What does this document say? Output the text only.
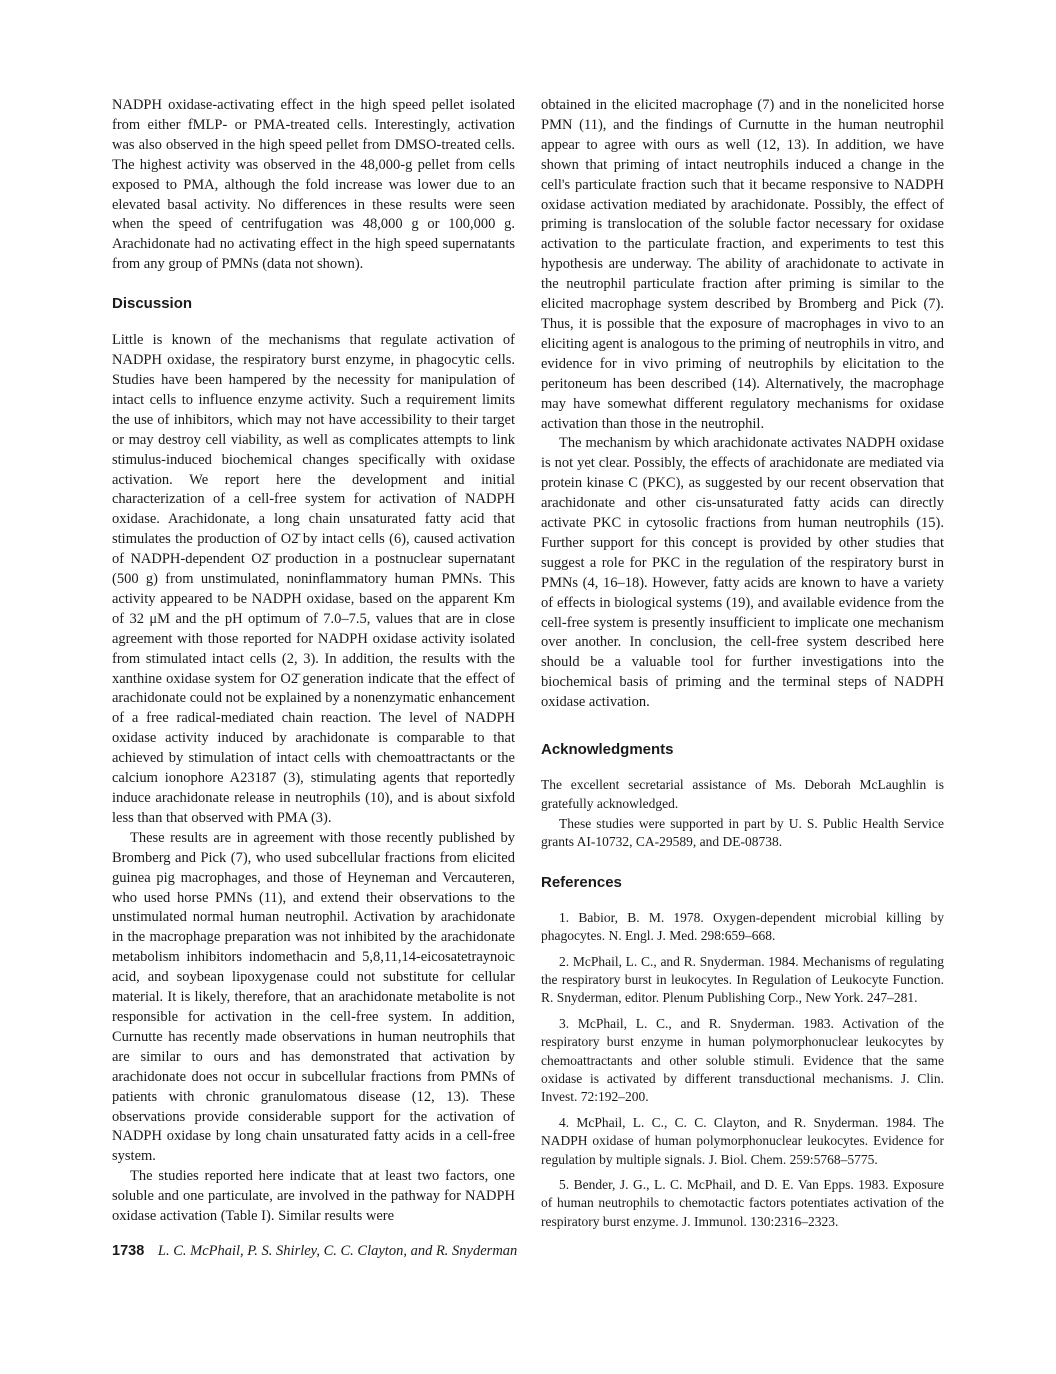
NADPH oxidase-activating effect in the high speed pellet isolated from either fMLP- or PMA-treated cells. Interestingly, activation was also observed in the high speed pellet from DMSO-treated cells. The highest activity was observed in the 48,000-g pellet from cells exposed to PMA, although the fold increase was lower due to an elevated basal activity. No differences in these results were seen when the speed of centrifugation was 48,000 g or 100,000 g. Arachidonate had no activating effect in the high speed supernatants from any group of PMNs (data not shown).

Discussion

Little is known of the mechanisms that regulate activation of NADPH oxidase, the respiratory burst enzyme, in phagocytic cells. Studies have been hampered by the necessity for manipulation of intact cells to influence enzyme activity. Such a requirement limits the use of inhibitors, which may not have accessibility to their target or may destroy cell viability, as well as complicates attempts to link stimulus-induced biochemical changes specifically with oxidase activation. We report here the development and initial characterization of a cell-free system for activation of NADPH oxidase. Arachidonate, a long chain unsaturated fatty acid that stimulates the production of O2̄ by intact cells (6), caused activation of NADPH-dependent O2̄ production in a postnuclear supernatant (500 g) from unstimulated, noninflammatory human PMNs. This activity appeared to be NADPH oxidase, based on the apparent Km of 32 μM and the pH optimum of 7.0–7.5, values that are in close agreement with those reported for NADPH oxidase activity isolated from stimulated intact cells (2, 3). In addition, the results with the xanthine oxidase system for O2̄ generation indicate that the effect of arachidonate could not be explained by a nonenzymatic enhancement of a free radical-mediated chain reaction. The level of NADPH oxidase activity induced by arachidonate is comparable to that achieved by stimulation of intact cells with chemoattractants or the calcium ionophore A23187 (3), stimulating agents that reportedly induce arachidonate release in neutrophils (10), and is about sixfold less than that observed with PMA (3).

These results are in agreement with those recently published by Bromberg and Pick (7), who used subcellular fractions from elicited guinea pig macrophages, and those of Heyneman and Vercauteren, who used horse PMNs (11), and extend their observations to the unstimulated normal human neutrophil. Activation by arachidonate in the macrophage preparation was not inhibited by the arachidonate metabolism inhibitors indomethacin and 5,8,11,14-eicosatetraynoic acid, and soybean lipoxygenase could not substitute for cellular material. It is likely, therefore, that an arachidonate metabolite is not responsible for activation in the cell-free system. In addition, Curnutte has recently made observations in human neutrophils that are similar to ours and has demonstrated that activation by arachidonate does not occur in subcellular fractions from PMNs of patients with chronic granulomatous disease (12, 13). These observations provide considerable support for the activation of NADPH oxidase by long chain unsaturated fatty acids in a cell-free system.

The studies reported here indicate that at least two factors, one soluble and one particulate, are involved in the pathway for NADPH oxidase activation (Table I). Similar results were

obtained in the elicited macrophage (7) and in the nonelicited horse PMN (11), and the findings of Curnutte in the human neutrophil appear to agree with ours as well (12, 13). In addition, we have shown that priming of intact neutrophils induced a change in the cell's particulate fraction such that it became responsive to NADPH oxidase activation mediated by arachidonate. Possibly, the effect of priming is translocation of the soluble factor necessary for oxidase activation to the particulate fraction, and experiments to test this hypothesis are underway. The ability of arachidonate to activate in the neutrophil particulate fraction after priming is similar to the elicited macrophage system described by Bromberg and Pick (7). Thus, it is possible that the exposure of macrophages in vivo to an eliciting agent is analogous to the priming of neutrophils in vitro, and evidence for in vivo priming of neutrophils by elicitation to the peritoneum has been described (14). Alternatively, the macrophage may have somewhat different regulatory mechanisms for oxidase activation than those in the neutrophil.

The mechanism by which arachidonate activates NADPH oxidase is not yet clear. Possibly, the effects of arachidonate are mediated via protein kinase C (PKC), as suggested by our recent observation that arachidonate and other cis-unsaturated fatty acids can directly activate PKC in cytosolic fractions from human neutrophils (15). Further support for this concept is provided by other studies that suggest a role for PKC in the regulation of the respiratory burst in PMNs (4, 16–18). However, fatty acids are known to have a variety of effects in biological systems (19), and available evidence from the cell-free system is presently insufficient to implicate one mechanism over another. In conclusion, the cell-free system described here should be a valuable tool for further investigations into the biochemical basis of priming and the terminal steps of NADPH oxidase activation.

Acknowledgments

The excellent secretarial assistance of Ms. Deborah McLaughlin is gratefully acknowledged.

These studies were supported in part by U. S. Public Health Service grants AI-10732, CA-29589, and DE-08738.

References

1. Babior, B. M. 1978. Oxygen-dependent microbial killing by phagocytes. N. Engl. J. Med. 298:659–668.

2. McPhail, L. C., and R. Snyderman. 1984. Mechanisms of regulating the respiratory burst in leukocytes. In Regulation of Leukocyte Function. R. Snyderman, editor. Plenum Publishing Corp., New York. 247–281.

3. McPhail, L. C., and R. Snyderman. 1983. Activation of the respiratory burst enzyme in human polymorphonuclear leukocytes by chemoattractants and other soluble stimuli. Evidence that the same oxidase is activated by different transductional mechanisms. J. Clin. Invest. 72:192–200.

4. McPhail, L. C., C. C. Clayton, and R. Snyderman. 1984. The NADPH oxidase of human polymorphonuclear leukocytes. Evidence for regulation by multiple signals. J. Biol. Chem. 259:5768–5775.

5. Bender, J. G., L. C. McPhail, and D. E. Van Epps. 1983. Exposure of human neutrophils to chemotactic factors potentiates activation of the respiratory burst enzyme. J. Immunol. 130:2316–2323.

1738 L. C. McPhail, P. S. Shirley, C. C. Clayton, and R. Snyderman
